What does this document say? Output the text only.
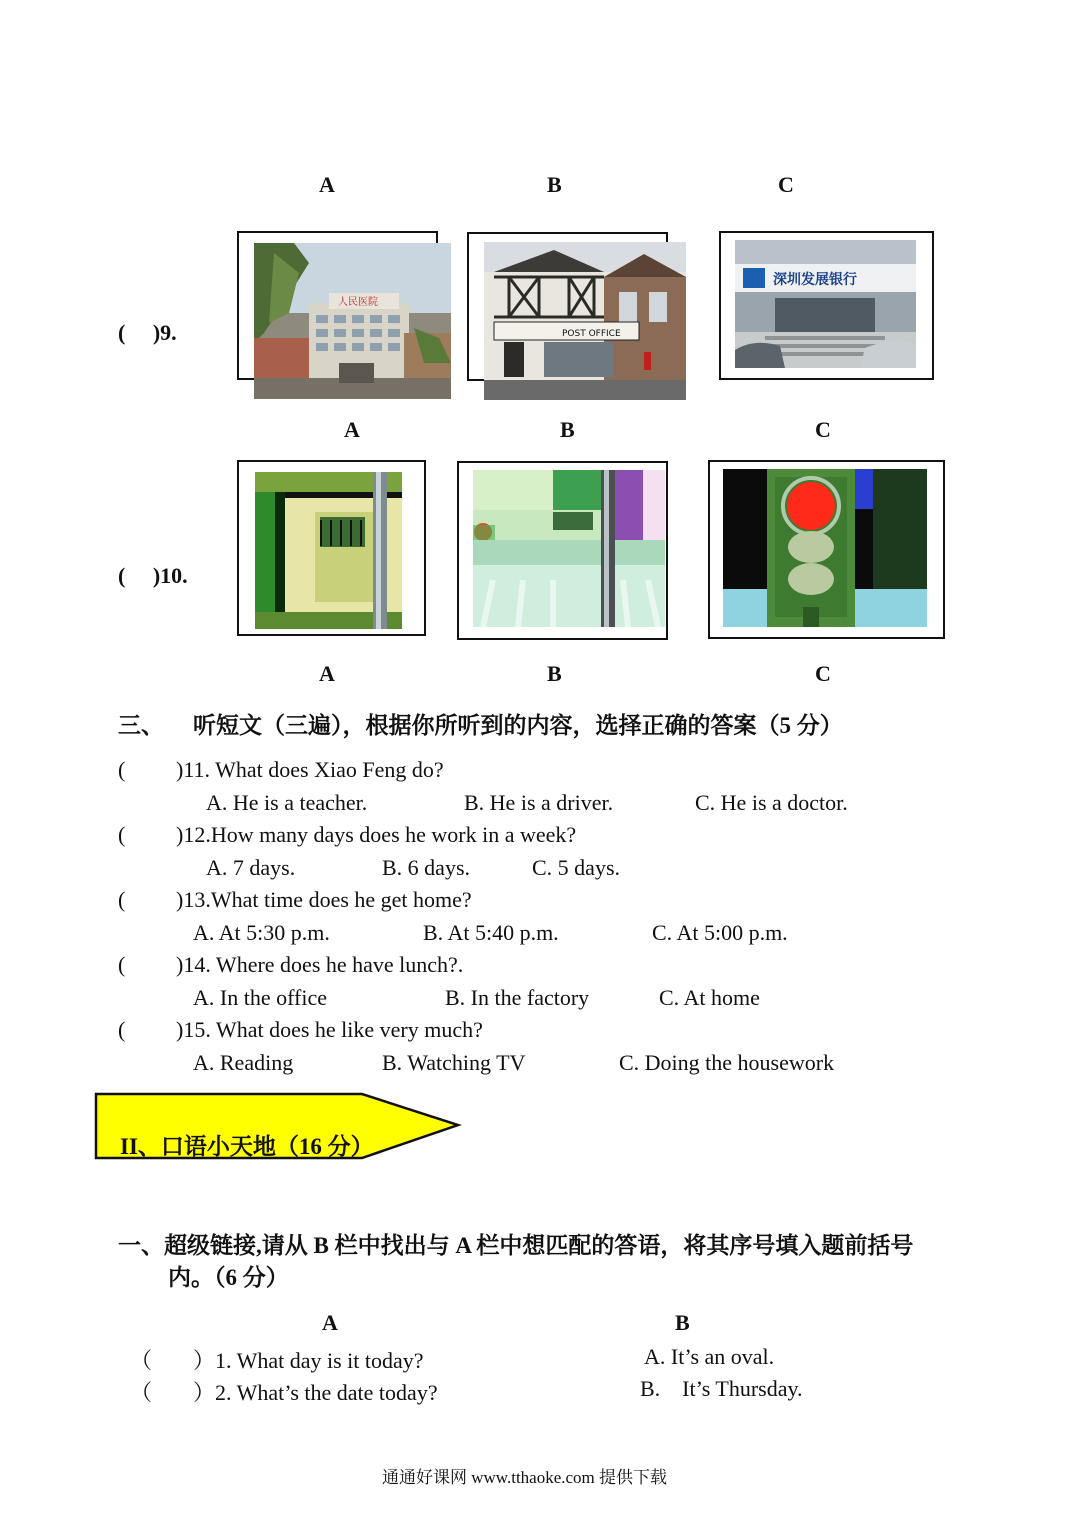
A	B	C
(     )9.
人民医院
POST OFFICE
深圳发展银行
A	B	C
(     )10.
A	B	C
三、 听短文（三遍），根据你所听到的内容，选择正确的答案（5 分）
( )11. What does Xiao Feng do?
A. He is a teacher.	B. He is a driver.	C. He is a doctor.
( )12.How many days does he work in a week?
A. 7 days.	B. 6 days.	C. 5 days.
( )13.What time does he get home?
A. At 5:30 p.m.	B. At 5:40 p.m.	C. At 5:00 p.m.
( )14. Where does he have lunch?.
A. In the office	B. In the factory	C. At home
( )15. What does he like very much?
A. Reading	B. Watching TV	C. Doing the housework
II、口语小天地（16 分）
一、超级链接,请从 B 栏中找出与 A 栏中想匹配的答语，将其序号填入题前括号
内。（6 分）
A	B
（ ）1. What day is it today?	A. It’s an oval.
（ ）2. What’s the date today?	B.    It’s Thursday.
通通好课网 www.tthaoke.com 提供下载
